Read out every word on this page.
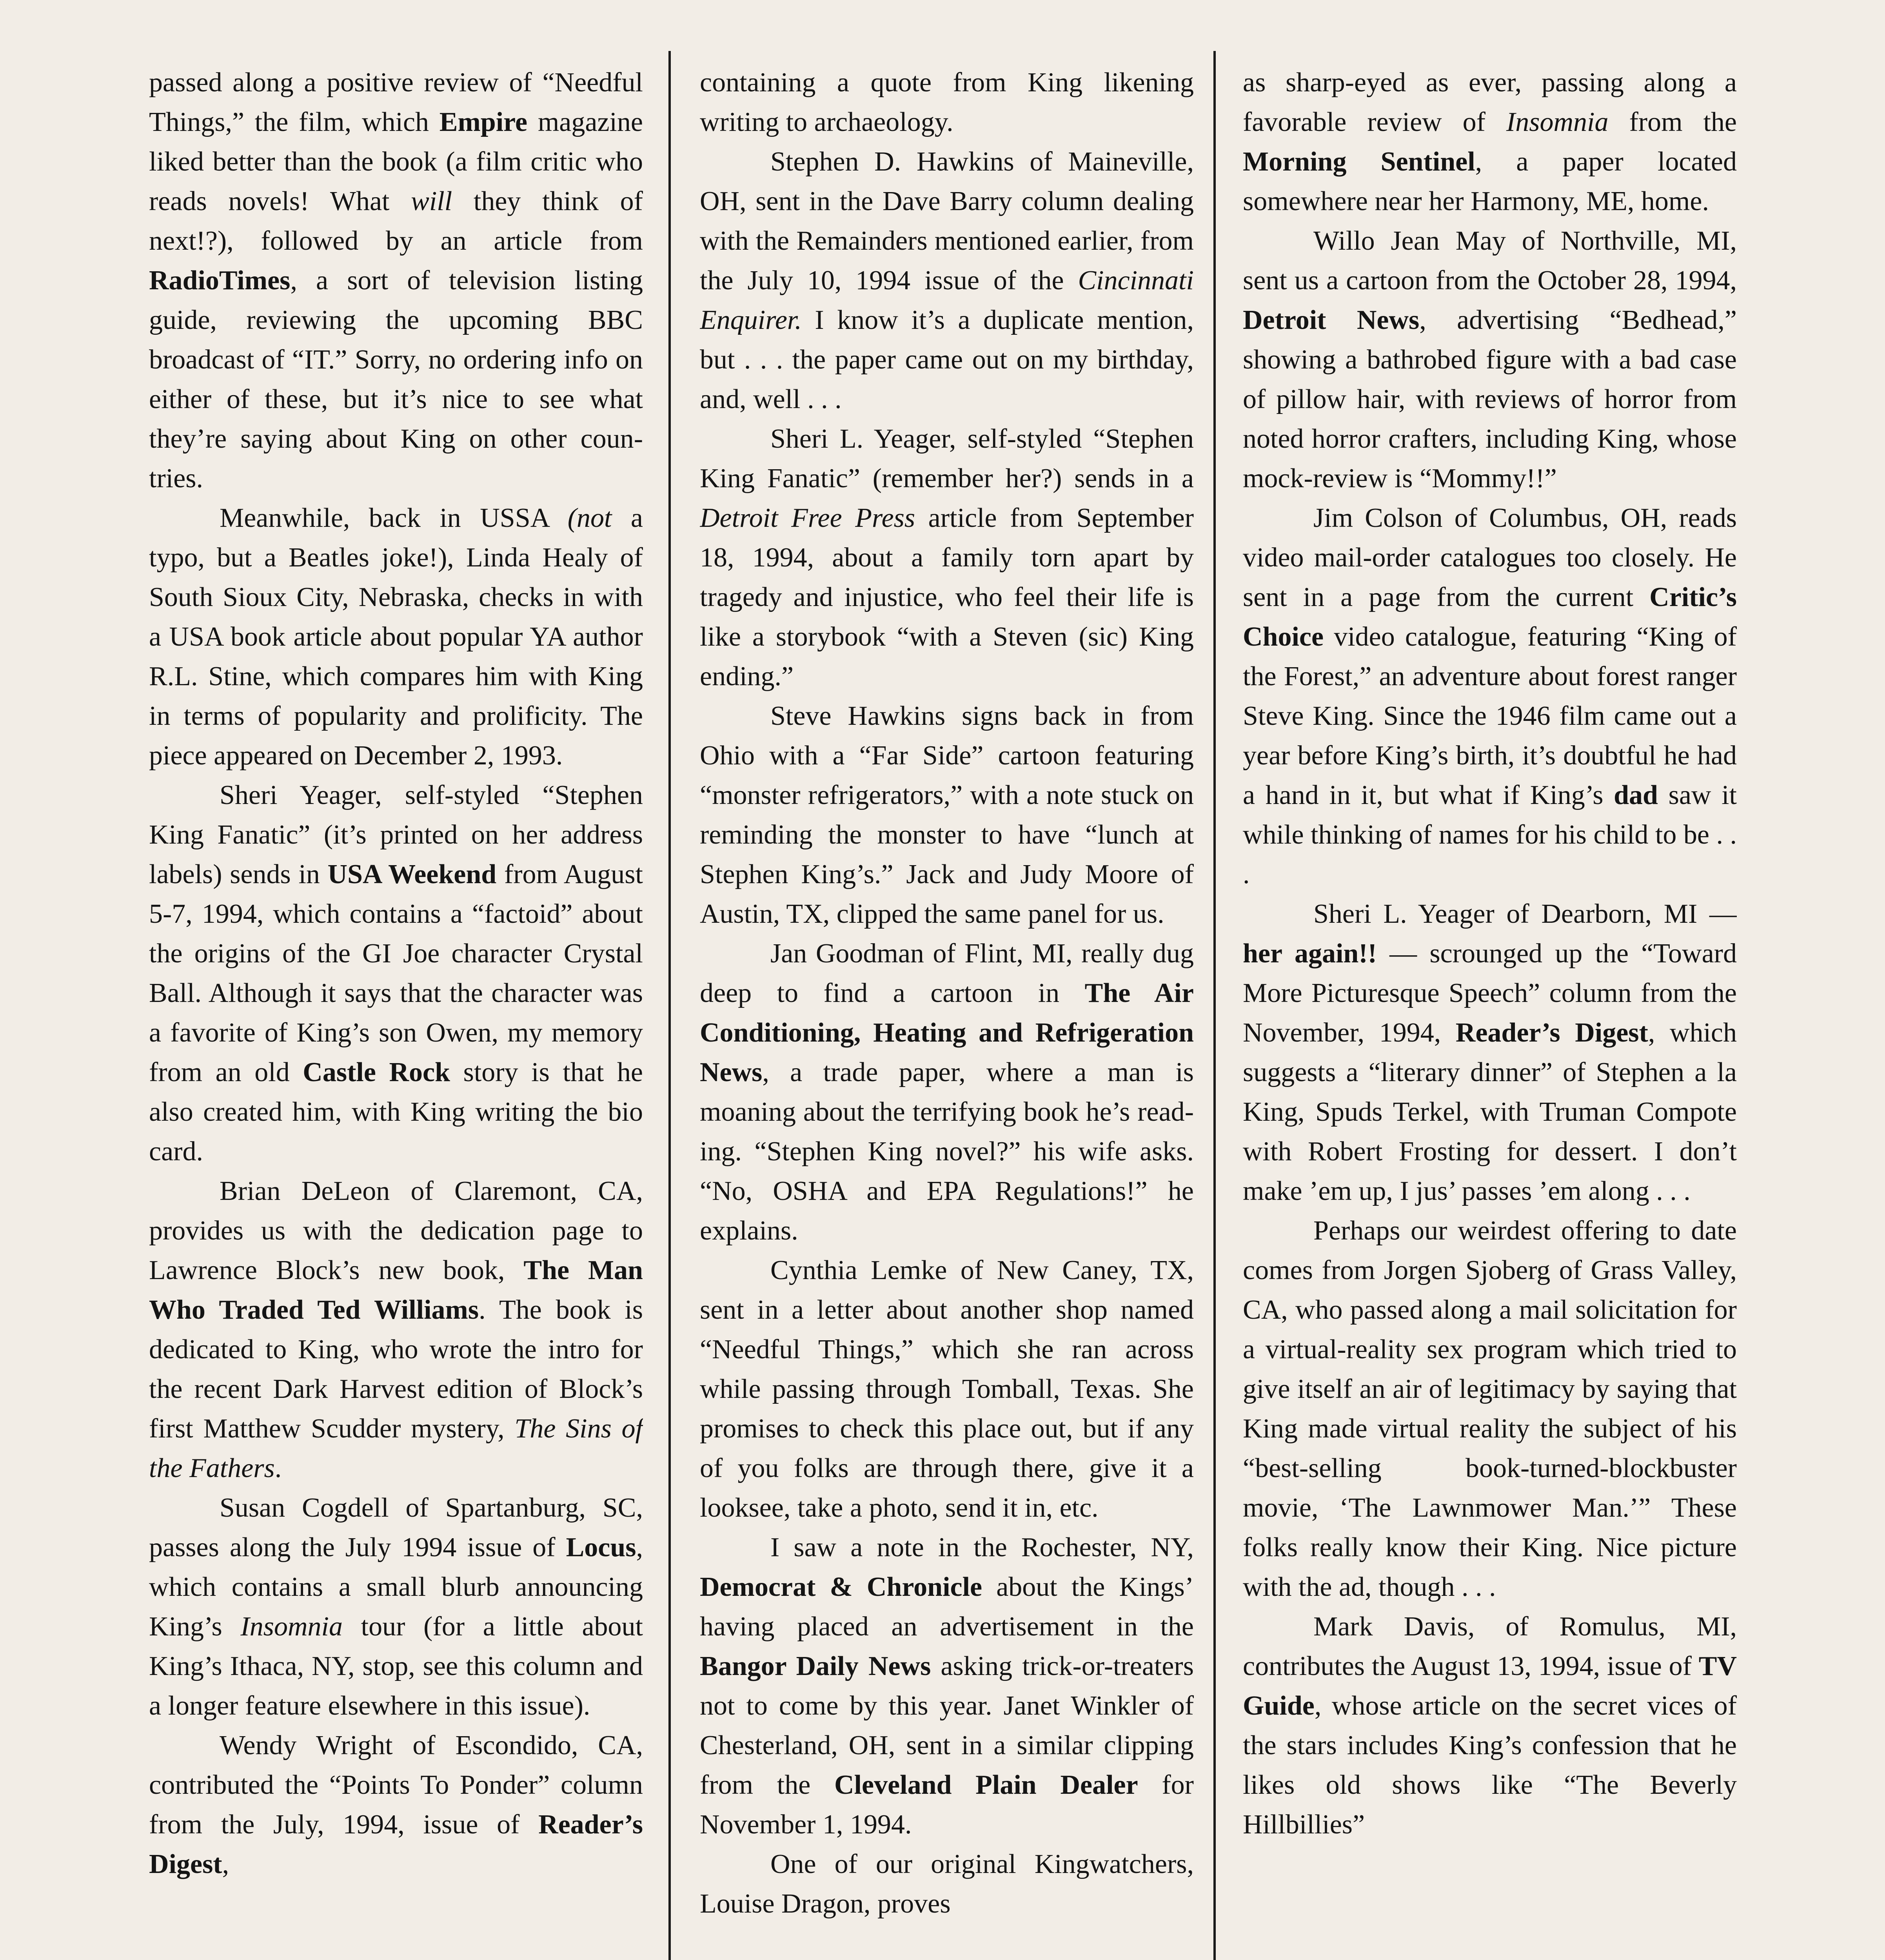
passed along a positive review of “Needful Things,” the film, which Empire magazine liked better than the book (a film critic who reads novels! What will they think of next!?), followed by an article from RadioTimes, a sort of television listing guide, reviewing the upcoming BBC broadcast of “IT.” Sorry, no ordering info on either of these, but it’s nice to see what they’re saying about King on other countries.

Meanwhile, back in USSA (not a typo, but a Beatles joke!), Linda Healy of South Sioux City, Nebraska, checks in with a USA book article about popular YA author R.L. Stine, which compares him with King in terms of popularity and prolificity. The piece appeared on December 2, 1993.

Sheri Yeager, self-styled “Stephen King Fanatic” (it’s printed on her address labels) sends in USA Weekend from August 5-7, 1994, which contains a “factoid” about the origins of the GI Joe character Crystal Ball. Although it says that the character was a favorite of King’s son Owen, my memory from an old Castle Rock story is that he also created him, with King writing the bio card.

Brian DeLeon of Claremont, CA, provides us with the dedication page to Lawrence Block’s new book, The Man Who Traded Ted Williams. The book is dedicated to King, who wrote the intro for the recent Dark Harvest edition of Block’s first Matthew Scudder mystery, The Sins of the Fathers.

Susan Cogdell of Spartanburg, SC, passes along the July 1994 issue of Locus, which contains a small blurb announcing King’s Insomnia tour (for a little about King’s Ithaca, NY, stop, see this column and a longer feature elsewhere in this issue).

Wendy Wright of Escondido, CA, contributed the “Points To Ponder” column from the July, 1994, issue of Reader’s Digest,

containing a quote from King likening writing to archaeology.

Stephen D. Hawkins of Maineville, OH, sent in the Dave Barry column dealing with the Remainders mentioned earlier, from the July 10, 1994 issue of the Cincinnati Enquirer. I know it’s a duplicate mention, but . . . the paper came out on my birthday, and, well . . .

Sheri L. Yeager, self-styled “Stephen King Fanatic” (remember her?) sends in a Detroit Free Press article from September 18, 1994, about a family torn apart by tragedy and injustice, who feel their life is like a storybook “with a Steven (sic) King ending.”

Steve Hawkins signs back in from Ohio with a “Far Side” cartoon featuring “monster refrigerators,” with a note stuck on reminding the monster to have “lunch at Stephen King’s.” Jack and Judy Moore of Austin, TX, clipped the same panel for us.

Jan Goodman of Flint, MI, really dug deep to find a cartoon in The Air Conditioning, Heating and Refrigeration News, a trade paper, where a man is moaning about the terrifying book he’s reading. “Stephen King novel?” his wife asks. “No, OSHA and EPA Regulations!” he explains.

Cynthia Lemke of New Caney, TX, sent in a letter about another shop named “Needful Things,” which she ran across while passing through Tomball, Texas. She promises to check this place out, but if any of you folks are through there, give it a looksee, take a photo, send it in, etc.

I saw a note in the Rochester, NY, Democrat & Chronicle about the Kings’ having placed an advertisement in the Bangor Daily News asking trick-or-treaters not to come by this year. Janet Winkler of Chesterland, OH, sent in a similar clipping from the Cleveland Plain Dealer for November 1, 1994.

One of our original Kingwatchers, Louise Dragon, proves

as sharp-eyed as ever, passing along a favorable review of Insomnia from the Morning Sentinel, a paper located somewhere near her Harmony, ME, home.

Willo Jean May of Northville, MI, sent us a cartoon from the October 28, 1994, Detroit News, advertising “Bedhead,” showing a bathrobed figure with a bad case of pillow hair, with reviews of horror from noted horror crafters, including King, whose mock-review is “Mommy!!”

Jim Colson of Columbus, OH, reads video mail-order catalogues too closely. He sent in a page from the current Critic’s Choice video catalogue, featuring “King of the Forest,” an adventure about forest ranger Steve King. Since the 1946 film came out a year before King’s birth, it’s doubtful he had a hand in it, but what if King’s dad saw it while thinking of names for his child to be . . .

Sheri L. Yeager of Dearborn, MI — her again!! — scrounged up the “Toward More Picturesque Speech” column from the November, 1994, Reader’s Digest, which suggests a “literary dinner” of Stephen a la King, Spuds Terkel, with Truman Compote with Robert Frosting for dessert. I don’t make ’em up, I jus’ passes ’em along . . .

Perhaps our weirdest offering to date comes from Jorgen Sjoberg of Grass Valley, CA, who passed along a mail solicitation for a virtual-reality sex program which tried to give itself an air of legitimacy by saying that King made virtual reality the subject of his “best-selling book-turned-blockbuster movie, ‘The Lawnmower Man.’” These folks really know their King. Nice picture with the ad, though . . .

Mark Davis, of Romulus, MI, contributes the August 13, 1994, issue of TV Guide, whose article on the secret vices of the stars includes King’s confession that he likes old shows like “The Beverly Hillbillies”
